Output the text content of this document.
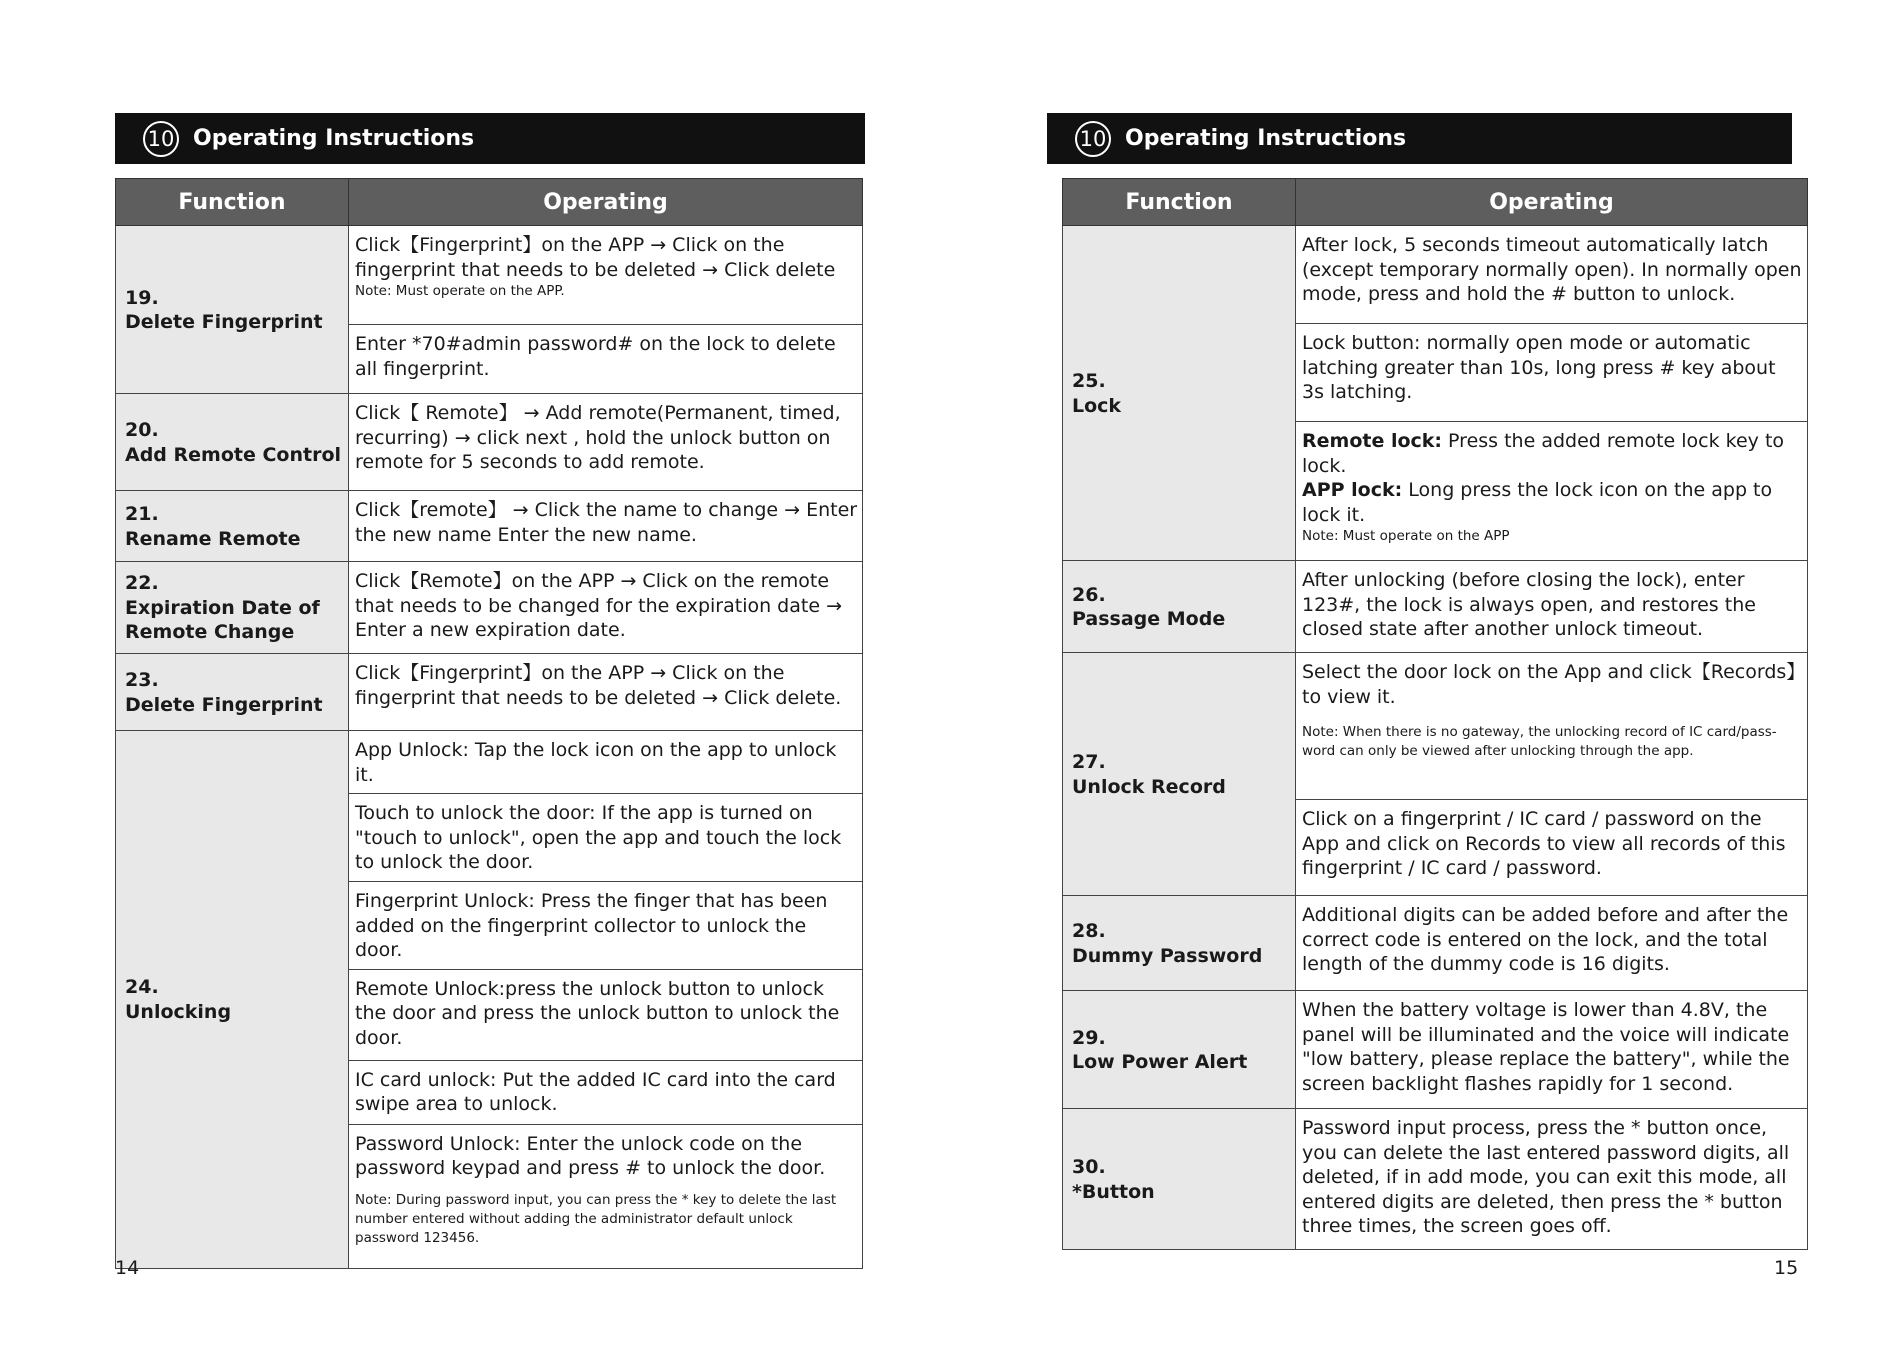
10 Operating Instructions
Function	Operating
19.
Delete Fingerprint	Click【Fingerprint】on the APP → Click on the fingerprint that needs to be deleted → Click delete
Note: Must operate on the APP.

	Enter *70#admin password# on the lock to delete all fingerprint.
20.
Add Remote Control	Click【 Remote】 → Add remote(Permanent, timed, recurring) → click next , hold the unlock button on remote for 5 seconds to add remote.
21.
Rename Remote	Click【remote】 → Click the name to change → Enter the new name Enter the new name.
22.
Expiration Date of
Remote Change	Click【Remote】on the APP → Click on the remote that needs to be changed for the expiration date → Enter a new expiration date.
23.
Delete Fingerprint	Click【Fingerprint】on the APP → Click on the fingerprint that needs to be deleted → Click delete.
24.
Unlocking	App Unlock: Tap the lock icon on the app to unlock it.
	Touch to unlock the door: If the app is turned on "touch to unlock", open the app and touch the lock to unlock the door.
	Fingerprint Unlock: Press the finger that has been added on the fingerprint collector to unlock the door.
	Remote Unlock:press the unlock button to unlock the door and press the unlock button to unlock the door.
	IC card unlock: Put the added IC card into the card swipe area to unlock.
	Password Unlock: Enter the unlock code on the password keypad and press # to unlock the door.
Note: During password input, you can press the * key to delete the last number entered without adding the administrator default unlock password 123456.
14
10 Operating Instructions
Function	Operating
25.
Lock	After lock, 5 seconds timeout automatically latch (except temporary normally open). In normally open mode, press and hold the # button to unlock.
	Lock button: normally open mode or automatic latching greater than 10s, long press # key about 3s latching.
	Remote lock: Press the added remote lock key to lock.
APP lock: Long press the lock icon on the app to lock it.
Note: Must operate on the APP

26.
Passage Mode	After unlocking (before closing the lock), enter 123#, the lock is always open, and restores the closed state after another unlock timeout.
27.
Unlock Record	Select the door lock on the App and click【Records】to view it.
Note: When there is no gateway, the unlocking record of IC card/pass-word can only be viewed after unlocking through the app.

	Click on a fingerprint / IC card / password on the App and click on Records to view all records of this fingerprint / IC card / password.
28.
Dummy Password	Additional digits can be added before and after the correct code is entered on the lock, and the total length of the dummy code is 16 digits.
29.
Low Power Alert	When the battery voltage is lower than 4.8V, the panel will be illuminated and the voice will indicate "low battery, please replace the battery", while the screen backlight flashes rapidly for 1 second.
30.
*Button	Password input process, press the * button once, you can delete the last entered password digits, all deleted, if in add mode, you can exit this mode, all entered digits are deleted, then press the * button three times, the screen goes off.
15
